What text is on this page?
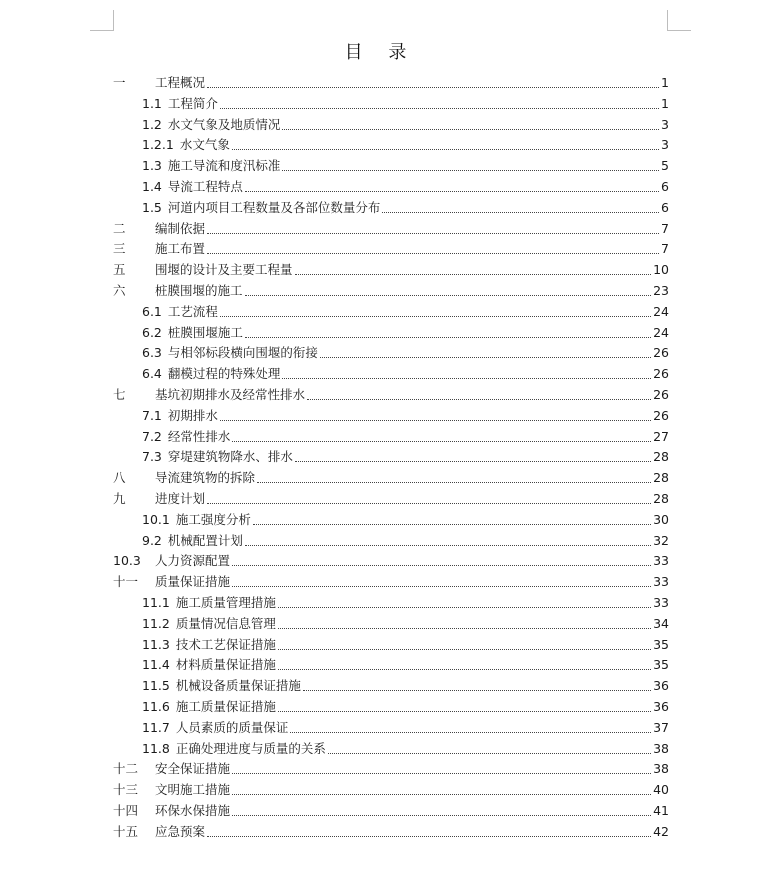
目 录
一 工程概况	1
1.1 工程简介	1
1.2 水文气象及地质情况	3
1.2.1 水文气象	3
1.3 施工导流和度汛标准	5
1.4 导流工程特点	6
1.5 河道内项目工程数量及各部位数量分布	6
二 编制依据	7
三 施工布置	7
五 围堰的设计及主要工程量	10
六 桩膜围堰的施工	23
6.1 工艺流程	24
6.2 桩膜围堰施工	24
6.3 与相邻标段横向围堰的衔接	26
6.4 翻模过程的特殊处理	26
七 基坑初期排水及经常性排水	26
7.1 初期排水	26
7.2 经常性排水	27
7.3 穿堤建筑物降水、排水	28
八 导流建筑物的拆除	28
九 进度计划	28
10.1 施工强度分析	30
9.2 机械配置计划	32
10.3 人力资源配置	33
十一 质量保证措施	33
11.1 施工质量管理措施	33
11.2 质量情况信息管理	34
11.3 技术工艺保证措施	35
11.4 材料质量保证措施	35
11.5 机械设备质量保证措施	36
11.6 施工质量保证措施	36
11.7 人员素质的质量保证	37
11.8 正确处理进度与质量的关系	38
十二 安全保证措施	38
十三 文明施工措施	40
十四 环保水保措施	41
十五 应急预案	42
